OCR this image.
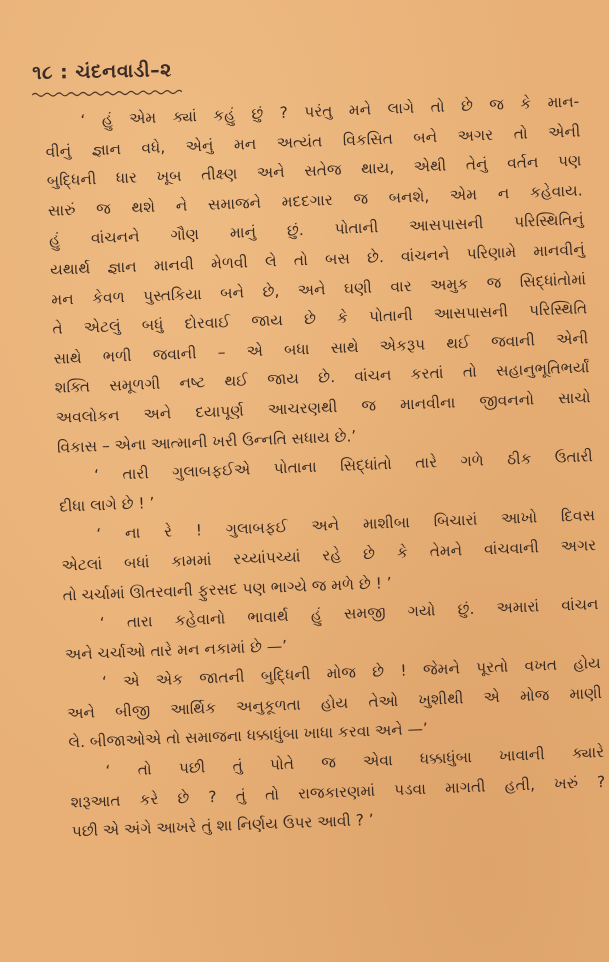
૧૮ : ચંદનવાડી–૨
‘ હું એમ ક્યાં કહું છું ? પરંતુ મને લાગે તો છે જ કે માન-
વીનું જ્ઞાન વધે, એનું મન અત્યંત વિકસિત બને અગર તો એની
બુદ્ધિની ધાર ખૂબ તીક્ષ્ણ અને સતેજ થાય, એથી તેનું વર્તન પણ
સારું જ થશે ને સમાજને મદદગાર જ બનશે, એમ ન કહેવાય.
હું વાંચનને ગૌણ માનું છું. પોતાની આસપાસની પરિસ્થિતિનું
યથાર્થ જ્ઞાન માનવી મેળવી લે તો બસ છે. વાંચનને પરિણામે માનવીનું
મન કેવળ પુસ્તકિયા બને છે, અને ઘણી વાર અમુક જ સિદ્ધાંતોમાં
તે એટલું બધું દોરવાઈ જાય છે કે પોતાની આસપાસની પરિસ્થિતિ
સાથે ભળી જવાની – એ બધા સાથે એકરૂપ થઈ જવાની એની
શક્તિ સમૂળગી નષ્ટ થઈ જાય છે. વાંચન કરતાં તો સહાનુભૂતિભર્યાં
અવલોકન અને દયાપૂર્ણ આચરણથી જ માનવીના જીવનનો સાચો
વિકાસ – એના આત્માની ખરી ઉન્નતિ સધાય છે.’
‘ તારી ગુલાબફઈએ પોતાના સિદ્ધાંતો તારે ગળે ઠીક ઉતારી
દીધા લાગે છે ! ’
‘ ના રે ! ગુલાબફઈ અને માશીબા બિચારાં આખો દિવસ
એટલાં બધાં કામમાં રચ્યાંપચ્યાં રહે છે કે તેમને વાંચવાની અગર
તો ચર્ચામાં ઊતરવાની ફુરસદ પણ ભાગ્યે જ મળે છે ! ’
‘ તારા કહેવાનો ભાવાર્થ હું સમજી ગયો છું. અમારાં વાંચન
અને ચર્ચાઓ તારે મન નકામાં છે —’
‘ એ એક જાતની બુદ્ધિની મોજ છે ! જેમને પૂરતો વખત હોય
અને બીજી આર્થિક અનુકૂળતા હોય તેઓ ખુશીથી એ મોજ માણી
લે. બીજાઓએ તો સમાજના ધક્કાધુંબા ખાધા કરવા અને —’
‘ તો પછી તું પોતે જ એવા ધક્કાધુંબા ખાવાની ક્યારે
શરૂઆત કરે છે ? તું તો રાજકારણમાં પડવા માગતી હતી, ખરું ?
પછી એ અંગે આખરે તું શા નિર્ણય ઉપર આવી ? ’
